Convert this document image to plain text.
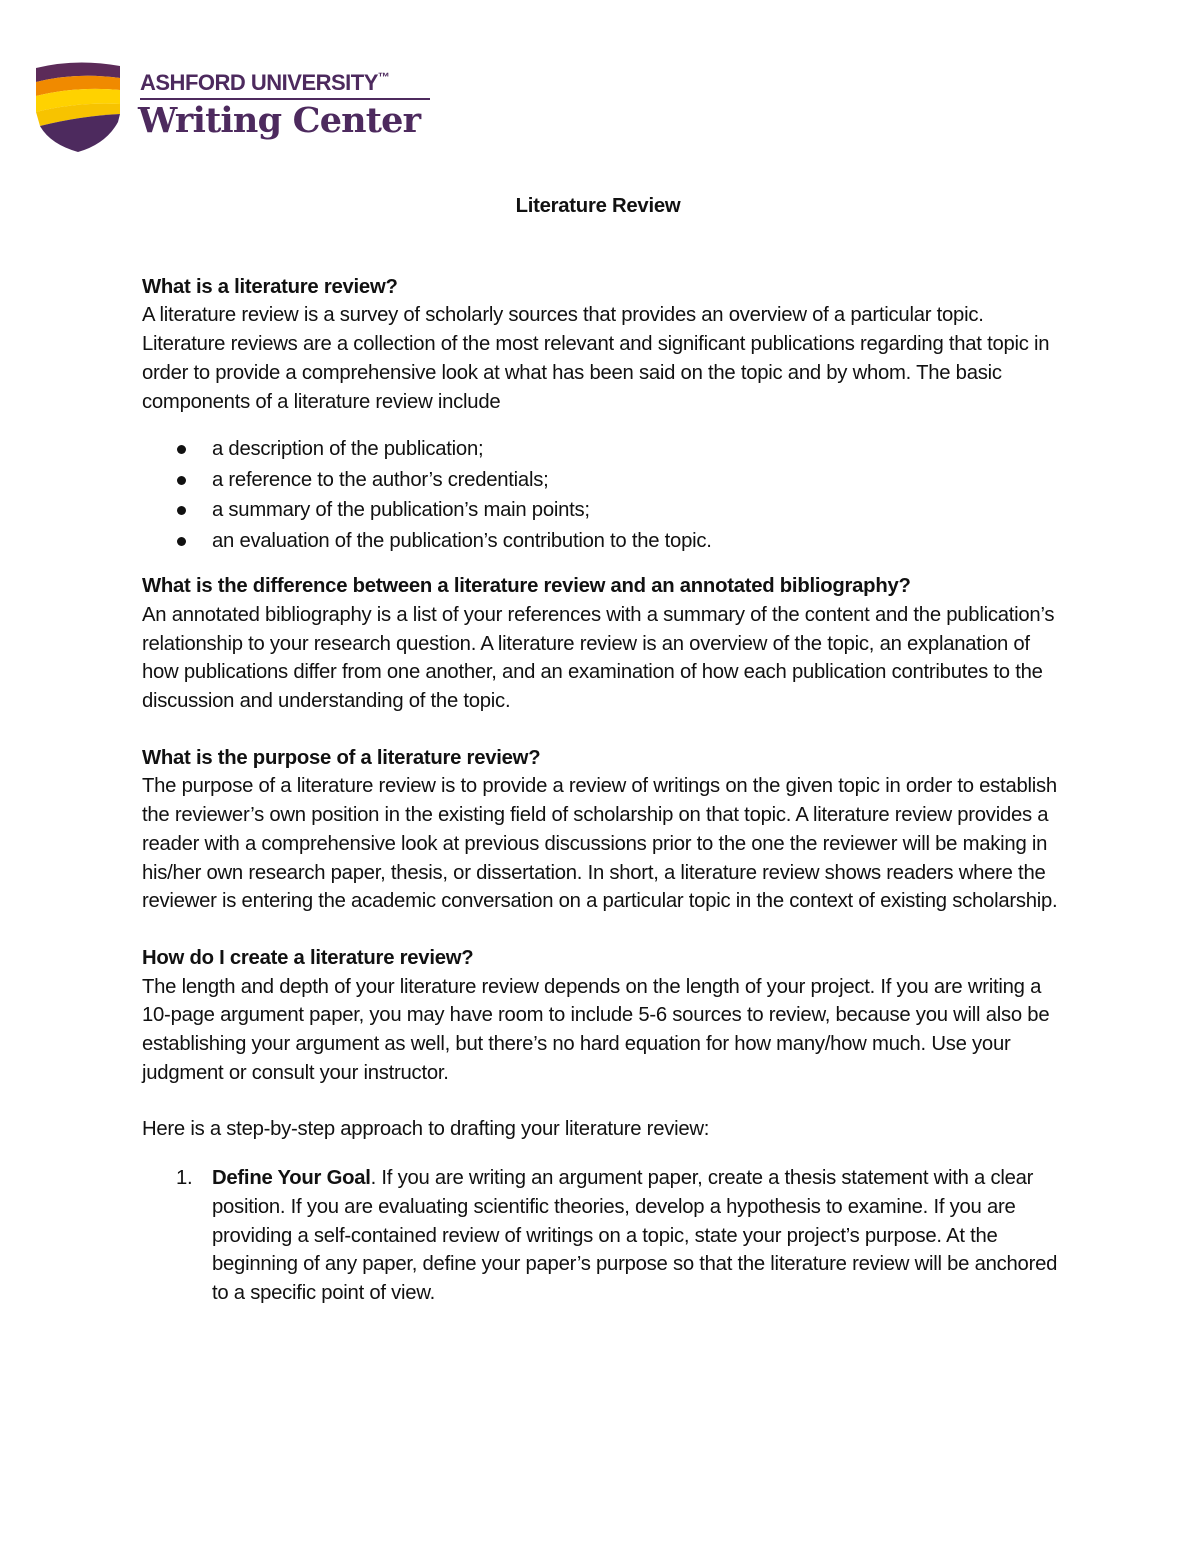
ASHFORD UNIVERSITY™
Writing Center
Literature Review
What is a literature review?

A literature review is a survey of scholarly sources that provides an overview of a particular topic. Literature reviews are a collection of the most relevant and significant publications regarding that topic in order to provide a comprehensive look at what has been said on the topic and by whom. The basic components of a literature review include

a description of the publication;
a reference to the author’s credentials;
a summary of the publication’s main points;
an evaluation of the publication’s contribution to the topic.
What is the difference between a literature review and an annotated bibliography?

An annotated bibliography is a list of your references with a summary of the content and the publication’s relationship to your research question. A literature review is an overview of the topic, an explanation of how publications differ from one another, and an examination of how each publication contributes to the discussion and understanding of the topic.

What is the purpose of a literature review?

The purpose of a literature review is to provide a review of writings on the given topic in order to establish the reviewer’s own position in the existing field of scholarship on that topic. A literature review provides a reader with a comprehensive look at previous discussions prior to the one the reviewer will be making in his/her own research paper, thesis, or dissertation. In short, a literature review shows readers where the reviewer is entering the academic conversation on a particular topic in the context of existing scholarship.

How do I create a literature review?

The length and depth of your literature review depends on the length of your project. If you are writing a 10-page argument paper, you may have room to include 5-6 sources to review, because you will also be establishing your argument as well, but there’s no hard equation for how many/how much. Use your judgment or consult your instructor.

Here is a step-by-step approach to drafting your literature review:

1. Define Your Goal. If you are writing an argument paper, create a thesis statement with a clear position. If you are evaluating scientific theories, develop a hypothesis to examine. If you are providing a self-contained review of writings on a topic, state your project’s purpose. At the beginning of any paper, define your paper’s purpose so that the literature review will be anchored to a specific point of view.
